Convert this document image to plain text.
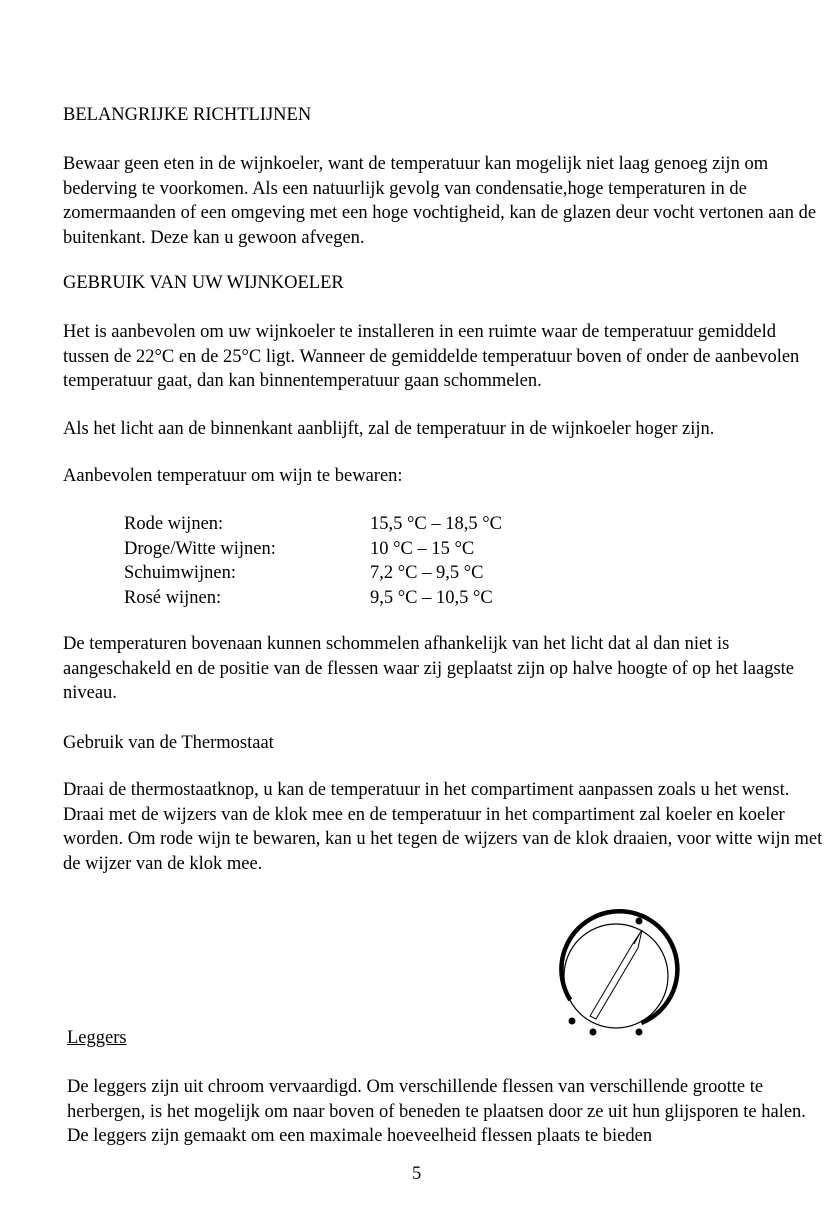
BELANGRIJKE RICHTLIJNEN

Bewaar geen eten in de wijnkoeler, want de temperatuur kan mogelijk niet laag genoeg zijn om bederving te voorkomen. Als een natuurlijk gevolg van condensatie,hoge temperaturen in de zomermaanden of een omgeving met een hoge vochtigheid, kan de glazen deur vocht vertonen aan de buitenkant. Deze kan u gewoon afvegen.

GEBRUIK VAN UW WIJNKOELER

Het is aanbevolen om uw wijnkoeler te installeren in een ruimte waar de temperatuur gemiddeld tussen de 22°C en de 25°C ligt. Wanneer de gemiddelde temperatuur boven of onder de aanbevolen temperatuur gaat, dan kan binnentemperatuur gaan schommelen.

Als het licht aan de binnenkant aanblijft, zal de temperatuur in de wijnkoeler hoger zijn.

Aanbevolen temperatuur om wijn te bewaren:

Rode wijnen:	15,5 °C – 18,5 °C
Droge/Witte wijnen:	10 °C – 15 °C
Schuimwijnen:	7,2 °C – 9,5 °C
Rosé wijnen:	9,5 °C – 10,5 °C

De temperaturen bovenaan kunnen schommelen afhankelijk van het licht dat al dan niet is aangeschakeld en de positie van de flessen waar zij geplaatst zijn op halve hoogte of op het laagste niveau.

Gebruik van de Thermostaat

Draai de thermostaatknop, u kan de temperatuur in het compartiment aanpassen zoals u het wenst.

Draai met de wijzers van de klok mee en de temperatuur in het compartiment zal koeler en koeler worden. Om rode wijn te bewaren, kan u het tegen de wijzers van de klok draaien, voor witte wijn met de wijzer van de klok mee.

Leggers

De leggers zijn uit chroom vervaardigd. Om verschillende flessen van verschillende grootte te herbergen, is het mogelijk om naar boven of beneden te plaatsen door ze uit hun glijsporen te halen. De leggers zijn gemaakt om een maximale hoeveelheid flessen plaats te bieden

5
